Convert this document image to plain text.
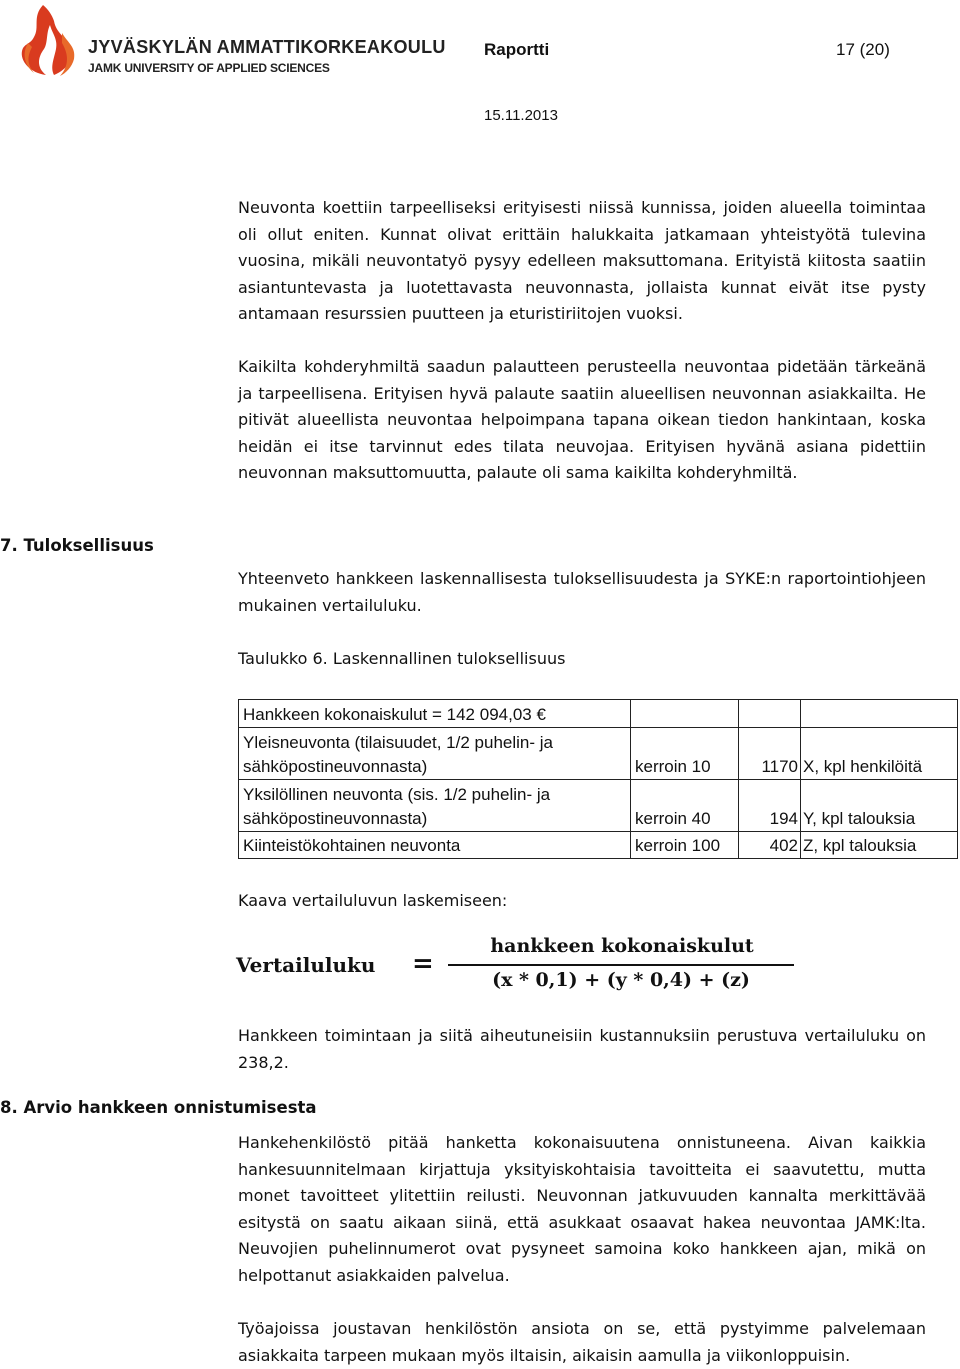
JYVÄSKYLÄN AMMATTIKORKEAKOULU
JAMK UNIVERSITY OF APPLIED SCIENCES
Raportti	17 (20)
15.11.2013
Neuvonta koettiin tarpeelliseksi erityisesti niissä kunnissa, joiden alueella toimintaa oli ollut eniten. Kunnat olivat erittäin halukkaita jatkamaan yhteistyötä tulevina vuosina, mikäli neuvontatyö pysyy edelleen maksuttomana. Erityistä kiitosta saatiin asiantuntevasta ja luotettavasta neuvonnasta, jollaista kunnat eivät itse pysty antamaan resurssien puutteen ja eturistiriitojen vuoksi.
Kaikilta kohderyhmiltä saadun palautteen perusteella neuvontaa pidetään tärkeänä ja tarpeellisena. Erityisen hyvä palaute saatiin alueellisen neuvonnan asiakkailta. He pitivät alueellista neuvontaa helpoimpana tapana oikean tiedon hankintaan, koska heidän ei itse tarvinnut edes tilata neuvojaa. Erityisen hyvänä asiana pidettiin neuvonnan maksuttomuutta, palaute oli sama kaikilta kohderyhmiltä.
7. Tuloksellisuus
Yhteenveto hankkeen laskennallisesta tuloksellisuudesta ja SYKE:n raportointiohjeen mukainen vertailuluku.
Taulukko 6. Laskennallinen tuloksellisuus
Hankkeen kokonaiskulut = 142 094,03 €			
Yleisneuvonta (tilaisuudet, 1/2 puhelin- ja
sähköpostineuvonnasta)	kerroin 10	1170	X, kpl henkilöitä
Yksilöllinen neuvonta (sis. 1/2 puhelin- ja
sähköpostineuvonnasta)	kerroin 40	194	Y, kpl talouksia
Kiinteistökohtainen neuvonta	kerroin 100	402	Z, kpl talouksia
Kaava vertailuluvun laskemiseen:
Vertailuluku =
hankkeen kokonaiskulut
(x * 0,1) + (y * 0,4) + (z)
Hankkeen toimintaan ja siitä aiheutuneisiin kustannuksiin perustuva vertailuluku on 238,2.
8. Arvio hankkeen onnistumisesta
Hankehenkilöstö pitää hanketta kokonaisuutena onnistuneena. Aivan kaikkia hankesuunnitelmaan kirjattuja yksityiskohtaisia tavoitteita ei saavutettu, mutta monet tavoitteet ylitettiin reilusti. Neuvonnan jatkuvuuden kannalta merkittävää esitystä on saatu aikaan siinä, että asukkaat osaavat hakea neuvontaa JAMK:lta. Neuvojien puhelinnumerot ovat pysyneet samoina koko hankkeen ajan, mikä on helpottanut asiakkaiden palvelua.
Työajoissa joustavan henkilöstön ansiota on se, että pystyimme palvelemaan asiakkaita tarpeen mukaan myös iltaisin, aikaisin aamulla ja viikonloppuisin.
